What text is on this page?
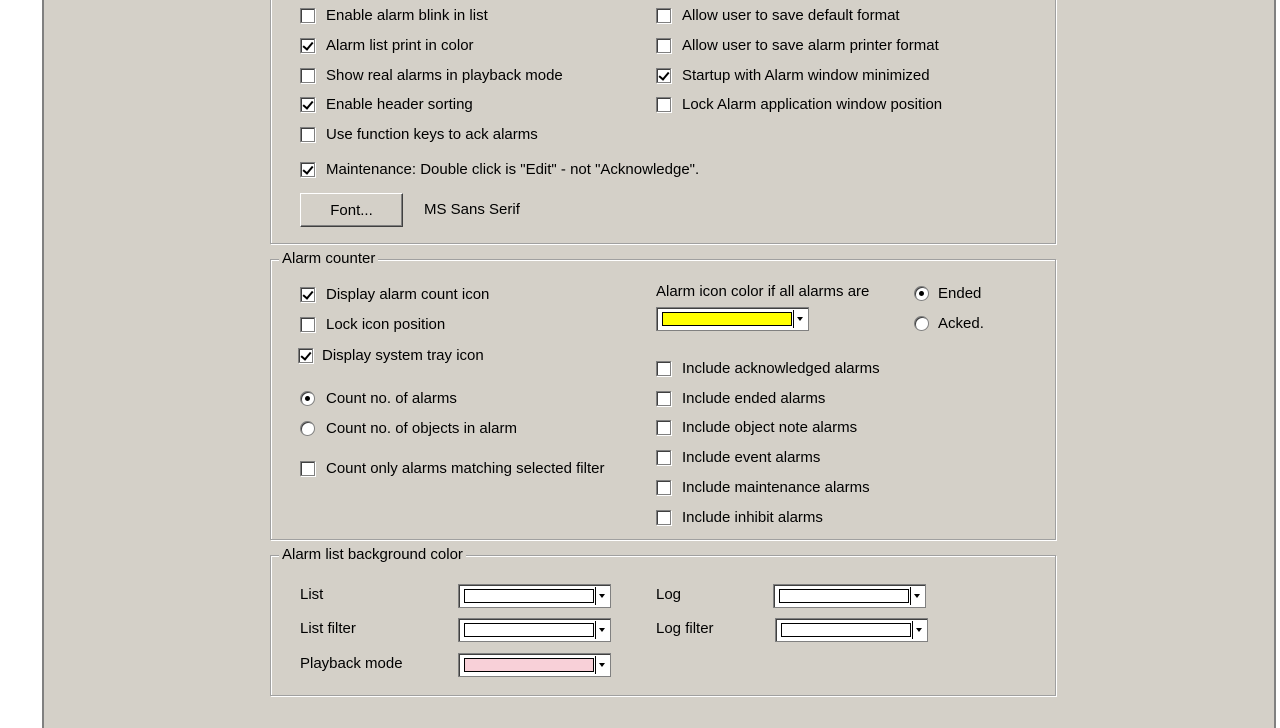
Enable alarm blink in list
Alarm list print in color
Show real alarms in playback mode
Enable header sorting
Use function keys to ack alarms
Allow user to save default format
Allow user to save alarm printer format
Startup with Alarm window minimized
Lock Alarm application window position
Maintenance: Double click is "Edit" - not "Acknowledge".
Font...	MS Sans Serif
Alarm counter
Display alarm count icon
Lock icon position
Display system tray icon
Count no. of alarms
Count no. of objects in alarm
Count only alarms matching selected filter
Alarm icon color if all alarms are	Ended
Acked.
Include acknowledged alarms
Include ended alarms
Include object note alarms
Include event alarms
Include maintenance alarms
Include inhibit alarms
Alarm list background color
List
List filter
Playback mode
Log
Log filter
